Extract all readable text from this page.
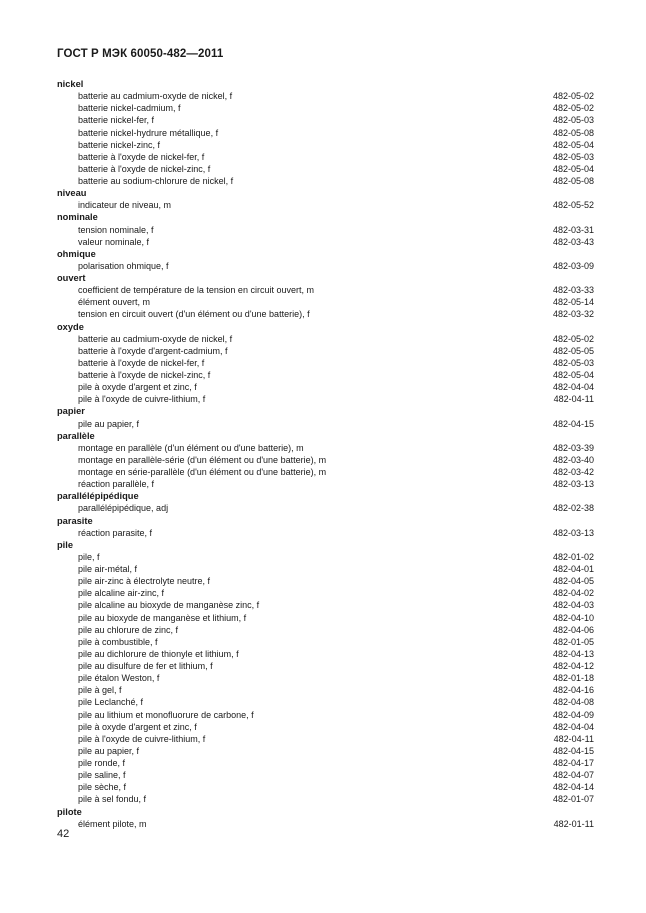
ГОСТ Р МЭК 60050-482—2011
nickel
batterie au cadmium-oxyde de nickel, f	482-05-02
batterie nickel-cadmium, f	482-05-02
batterie nickel-fer, f	482-05-03
batterie nickel-hydrure métallique, f	482-05-08
batterie nickel-zinc, f	482-05-04
batterie à l'oxyde de nickel-fer, f	482-05-03
batterie à l'oxyde de nickel-zinc, f	482-05-04
batterie au sodium-chlorure de nickel, f	482-05-08
niveau
indicateur de niveau, m	482-05-52
nominale
tension nominale, f	482-03-31
valeur nominale, f	482-03-43
ohmique
polarisation ohmique, f	482-03-09
ouvert
coefficient de température de la tension en circuit ouvert, m	482-03-33
élément ouvert, m	482-05-14
tension en circuit ouvert (d'un élément ou d'une batterie), f	482-03-32
oxyde
batterie au cadmium-oxyde de nickel, f	482-05-02
batterie à l'oxyde d'argent-cadmium, f	482-05-05
batterie à l'oxyde de nickel-fer, f	482-05-03
batterie à l'oxyde de nickel-zinc, f	482-05-04
pile à oxyde d'argent et zinc, f	482-04-04
pile à l'oxyde de cuivre-lithium, f	482-04-11
papier
pile au papier, f	482-04-15
parallèle
montage en parallèle (d'un élément ou d'une batterie), m	482-03-39
montage en parallèle-série (d'un élément ou d'une batterie), m	482-03-40
montage en série-parallèle (d'un élément ou d'une batterie), m	482-03-42
réaction parallèle, f	482-03-13
parallélépipédique
parallélépipédique, adj	482-02-38
parasite
réaction parasite, f	482-03-13
pile
pile, f	482-01-02
pile air-métal, f	482-04-01
pile air-zinc à électrolyte neutre, f	482-04-05
pile alcaline air-zinc, f	482-04-02
pile alcaline au bioxyde de manganèse zinc, f	482-04-03
pile au bioxyde de manganèse et lithium, f	482-04-10
pile au chlorure de zinc, f	482-04-06
pile à combustible, f	482-01-05
pile au dichlorure de thionyle et lithium, f	482-04-13
pile au disulfure de fer et lithium, f	482-04-12
pile étalon Weston, f	482-01-18
pile à gel, f	482-04-16
pile Leclanché, f	482-04-08
pile au lithium et monofluorure de carbone, f	482-04-09
pile à oxyde d'argent et zinc, f	482-04-04
pile à l'oxyde de cuivre-lithium, f	482-04-11
pile au papier, f	482-04-15
pile ronde, f	482-04-17
pile saline, f	482-04-07
pile sèche, f	482-04-14
pile à sel fondu, f	482-01-07
pilote
élément pilote, m	482-01-11
42
